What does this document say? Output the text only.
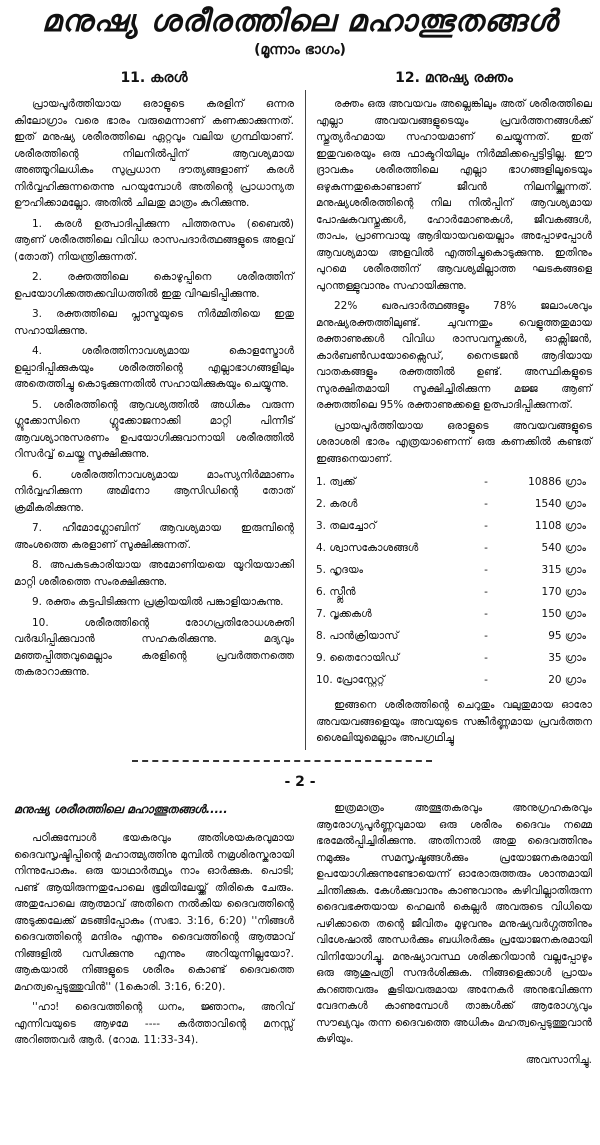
മനുഷ്യ ശരീരത്തിലെ മഹാത്ഭുതങ്ങൾ
(മൂന്നാം ഭാഗം)
11. കരൾ

പ്രായപൂർത്തിയായ ഒരാളുടെ കരളിന് ഒന്നര കിലോഗ്രാം വരെ ഭാരം വരുമെന്നാണ് കണക്കാക്കുന്നത്. ഇത് മനുഷ്യ ശരീരത്തിലെ ഏറ്റവും വലിയ ഗ്രന്ഥിയാണ്. ശരീരത്തിന്റെ നിലനിൽപ്പിന് ആവശ്യമായ അഞ്ഞൂറിലധികം സുപ്രധാന ദൗത്യങ്ങളാണ് കരൾ നിർവ്വഹിക്കുന്നതെന്നു പറയുമ്പോൾ അതിന്റെ പ്രാധാന്യത ഊഹിക്കാമല്ലോ. അതിൽ ചിലതു മാത്രം കുറിക്കുന്നു.

1. കരൾ ഉത്പാദിപ്പിക്കുന്ന പിത്തരസം (ബൈൽ) ആണ് ശരീരത്തിലെ വിവിധ രാസപദാർത്ഥങ്ങളുടെ അളവ് (തോത്) നിയന്ത്രിക്കുന്നത്.

2. രക്തത്തിലെ കൊഴുപ്പിനെ ശരീരത്തിന് ഉപയോഗിക്കത്തക്കവിധത്തിൽ ഇതു വിഘടിപ്പിക്കുന്നു.

3. രക്തത്തിലെ പ്ലാസ്മയുടെ നിർമ്മിതിയെ ഇതു സഹായിക്കുന്നു.

4. ശരീരത്തിനാവശ്യമായ കൊളസ്ട്രോൾ ഉല്പാദിപ്പിക്കുകയും ശരീരത്തിന്റെ എല്ലാഭാഗങ്ങളിലും അതെത്തിച്ചു കൊടുക്കുന്നതിൽ സഹായിക്കുകയും ചെയ്യുന്നു.

5. ശരീരത്തിന്റെ ആവശ്യത്തിൽ അധികം വരുന്ന ഗ്ലൂക്കോസിനെ ഗ്ലൂക്കോജനാക്കി മാറ്റി പിന്നീട് ആവശ്യാനുസരണം ഉപയോഗിക്കുവാനായി ശരീരത്തിൽ റിസർവ്വ് ചെയ്തു സൂക്ഷിക്കുന്നു.

6. ശരീരത്തിനാവശ്യമായ മാംസ്യനിർമ്മാണം നിർവ്വഹിക്കുന്ന അമിനോ ആസിഡിന്റെ തോത് ക്രമീകരിക്കുന്നു.

7. ഹീമോഗ്ലോബിന് ആവശ്യമായ ഇരുമ്പിന്റെ അംശത്തെ കരളാണ് സൂക്ഷിക്കുന്നത്.

8. അപകടകാരിയായ അമോണിയയെ യൂറിയയാക്കി മാറ്റി ശരീരത്തെ സംരക്ഷിക്കുന്നു.

9. രക്തം കട്ടപിടിക്കുന്ന പ്രക്രിയയിൽ പങ്കാളിയാകുന്നു.

10. ശരീരത്തിന്റെ രോഗപ്രതിരോധശക്തി വർദ്ധിപ്പിക്കുവാൻ സഹകരിക്കുന്നു. മദ്യവും മഞ്ഞപ്പിത്തവുമെല്ലാം കരളിന്റെ പ്രവർത്തനത്തെ തകരാറാക്കുന്നു.

12. മനുഷ്യ രക്തം

രക്തം ഒരു അവയവം അല്ലെങ്കിലും അത് ശരീരത്തിലെ എല്ലാ അവയവങ്ങളുടെയും പ്രവർത്തനങ്ങൾക്ക് സ്തുത്യർഹമായ സഹായമാണ് ചെയ്യുന്നത്. ഇത് ഇതുവരെയും ഒരു ഫാക്ടറിയിലും നിർമ്മിക്കപ്പെട്ടിട്ടില്ല. ഈ ദ്രാവകം ശരീരത്തിലെ എല്ലാ ഭാഗങ്ങളിലൂടെയും ഒഴുകുന്നതുകൊണ്ടാണ് ജീവൻ നിലനില്ക്കുന്നത്. മനുഷ്യശരീരത്തിന്റെ നില നിൽപ്പിന് ആവശ്യമായ പോഷകവസ്തുക്കൾ, ഹോർമോണുകൾ, ജീവകങ്ങൾ, താപം, പ്രാണവായു ആദിയായവയെല്ലാം അപ്പോഴപ്പോൾ ആവശ്യമായ അളവിൽ എത്തിച്ചുകൊടുക്കുന്നു. ഇതിനും പുറമെ ശരീരത്തിന് ആവശ്യമില്ലാത്ത ഘടകങ്ങളെ പുറന്തള്ളുവാനും സഹായിക്കുന്നു.

22% ഖരപദാർത്ഥങ്ങളും 78% ജലാംശവും മനുഷ്യരക്തത്തിലുണ്ട്. ചുവന്നതും വെളുത്തതുമായ രക്താണുക്കൾ വിവിധ രാസവസ്തുക്കൾ, ഓക്സിജൻ, കാർബൺഡയോക്സൈഡ്, നൈട്രജൻ ആദിയായ വാതകങ്ങളും രക്തത്തിൽ ഉണ്ട്. അസ്ഥികളുടെ സുരക്ഷിതമായി സൂക്ഷിച്ചിരിക്കുന്ന മജ്ജ ആണ് രക്തത്തിലെ 95% രക്താണുക്കളെ ഉത്പാദിപ്പിക്കുന്നത്.

പ്രായപൂർത്തിയായ ഒരാളുടെ അവയവങ്ങളുടെ ശരാശരി ഭാരം എത്രയാണെന്ന് ഒരു കണക്കിൽ കണ്ടത് ഇങ്ങനെയാണ്.

1. ത്വക്ക്	-	10886 ഗ്രാം
2. കരൾ	-	1540 ഗ്രാം
3. തലച്ചോറ്	-	1108 ഗ്രാം
4. ശ്വാസകോശങ്ങൾ	-	540 ഗ്രാം
5. ഹൃദയം	-	315 ഗ്രാം
6. സ്പ്ലീൻ	-	170 ഗ്രാം
7. വൃക്കകൾ	-	150 ഗ്രാം
8. പാൻക്രിയാസ്	-	95 ഗ്രാം
9. തൈറോയിഡ്	-	35 ഗ്രാം
10. പ്രോസ്റ്റേറ്റ്	-	20 ഗ്രാം

ഇങ്ങനെ ശരീരത്തിന്റെ ചെറുതും വലുതുമായ ഓരോ അവയവങ്ങളെയും അവയുടെ സങ്കീർണ്ണമായ പ്രവർത്തന ശൈലിയുമെല്ലാം അപഗ്രഥിച്ചു

- 2 -
മനുഷ്യ ശരീരത്തിലെ മഹാത്ഭുതങ്ങൾ.....

പഠിക്കുമ്പോൾ ഭയകരവും അതിശയകരവുമായ ദൈവസൃഷ്ടിപ്പിന്റെ മഹാത്മ്യത്തിനു മുമ്പിൽ നമ്രശിരസ്കരായി നിന്നുപോകും. ഒരു യാഥാർത്ഥ്യം നാം ഓർക്കുക. പൊടി; പണ്ട് ആയിരുന്നതുപോലെ ഭൂമിയിലേയ്ക്ക് തിരികെ ചേരും. അതുപോലെ ആത്മാവ് അതിനെ നൽകിയ ദൈവത്തിന്റെ അടുക്കലേക്ക് മടങ്ങിപ്പോകും (സഭാ. 3:16, 6:20) ''നിങ്ങൾ ദൈവത്തിന്റെ മന്ദിരം എന്നും ദൈവത്തിന്റെ ആത്മാവ് നിങ്ങളിൽ വസിക്കുന്നു എന്നും അറിയുന്നില്ലയോ?. ആകയാൽ നിങ്ങളുടെ ശരീരം കൊണ്ട് ദൈവത്തെ മഹത്വപ്പെടുത്തുവിൻ'' (1കൊരി. 3:16, 6:20).

''ഹാ! ദൈവത്തിന്റെ ധനം, ജ്ഞാനം, അറിവ് എന്നിവയുടെ ആഴമേ ---- കർത്താവിന്റെ മനസ്സ് അറിഞ്ഞവർ ആർ. (റോമ. 11:33-34).

ഇത്രമാത്രം അത്ഭുതകരവും അനുഗ്രഹകരവും ആരോഗ്യപൂർണ്ണവുമായ ഒരു ശരീരം ദൈവം നമ്മെ ഭരമേൽപ്പിച്ചിരിക്കുന്നു. അതിനാൽ അതു ദൈവത്തിനും നമുക്കും സമസൃഷ്ടങ്ങൾക്കും പ്രയോജനകരമായി ഉപയോഗിക്കുന്നുണ്ടോയെന്ന് ഓരോരുത്തരും ശാന്തമായി ചിന്തിക്കുക. കേൾക്കുവാനും കാണുവാനും കഴിവില്ലാതിരുന്ന ദൈവഭക്തയായ ഹെലൻ കെല്ലർ അവരുടെ വിധിയെ പഴിക്കാതെ തന്റെ ജീവിതം മുഴുവനും മനുഷ്യവർഗ്ഗത്തിനും വിശേഷാൽ അന്ധർക്കും ബധിരർക്കും പ്രയോജനകരമായി വിനിയോഗിച്ചു. മനുഷ്യാവസ്ഥ ശരിക്കറിയാൻ വല്ലപ്പോഴും ഒരു ആശുപത്രി സന്ദർശിക്കുക. നിങ്ങളെക്കാൾ പ്രായം കുറഞ്ഞവരും കൂടിയവരുമായ അനേകർ അനുഭവിക്കുന്ന വേദനകൾ കാണുമ്പോൾ താങ്കൾക്ക് ആരോഗ്യവും സൗഖ്യവും തന്ന ദൈവത്തെ അധികം മഹത്വപ്പെടുത്തുവാൻ കഴിയും.

അവസാനിച്ചു.
